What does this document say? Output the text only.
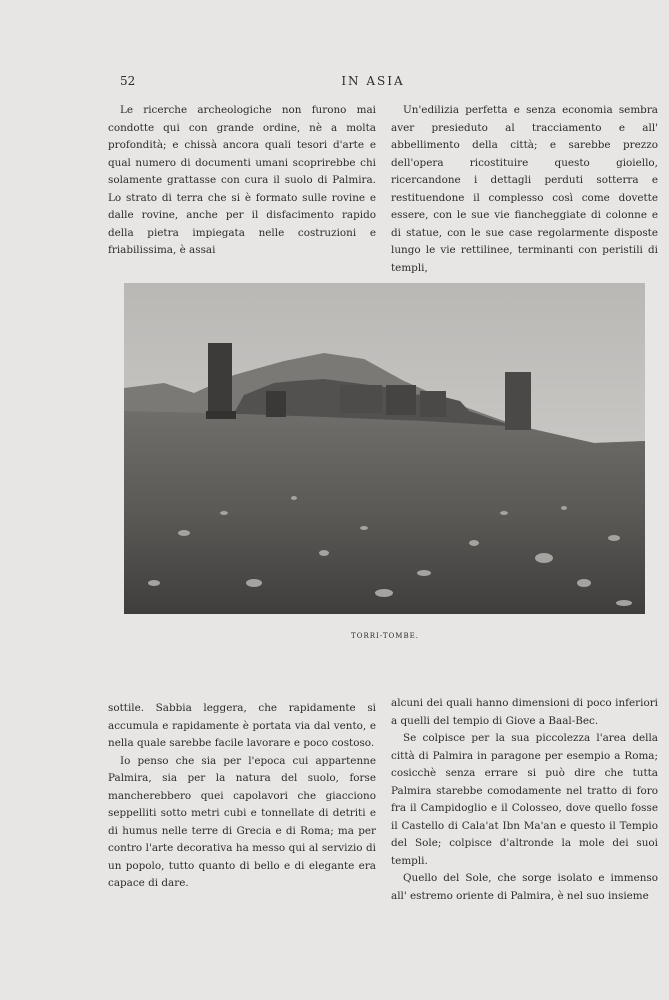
52	IN ASIA

Le ricerche archeologiche non furono mai condotte qui con grande ordine, nè a molta profondità; e chissà ancora quali tesori d'arte e qual numero di documenti umani scoprirebbe chi solamente grattasse con cura il suolo di Palmira. Lo strato di terra che si è formato sulle rovine e dalle rovine, anche per il disfacimento rapido della pietra impiegata nelle costruzioni e friabilissima, è assai

Un'edilizia perfetta e senza economia sembra aver presieduto al tracciamento e all' abbellimento della città; e sarebbe prezzo dell'opera ricostituire questo gioiello, ricercandone i dettagli perduti sotterra e restituendone il complesso così come dovette essere, con le sue vie fiancheggiate di colonne e di statue, con le sue case regolarmente disposte lungo le vie rettilinee, terminanti con peristili di templi,

TORRI-TOMBE.

sottile. Sabbia leggera, che rapidamente si accumula e rapidamente è portata via dal vento, e nella quale sarebbe facile lavorare e poco costoso.

Io penso che sia per l'epoca cui appartenne Palmira, sia per la natura del suolo, forse mancherebbero quei capolavori che giacciono seppelliti sotto metri cubi e tonnellate di detriti e di humus nelle terre di Grecia e di Roma; ma per contro l'arte decorativa ha messo qui al servizio di un popolo, tutto quanto di bello e di elegante era capace di dare.

alcuni dei quali hanno dimensioni di poco inferiori a quelli del tempio di Giove a Baal-Bec.

Se colpisce per la sua piccolezza l'area della città di Palmira in paragone per esempio a Roma; cosicchè senza errare si può dire che tutta Palmira starebbe comodamente nel tratto di foro fra il Campidoglio e il Colosseo, dove quello fosse il Castello di Cala'at Ibn Ma'an e questo il Tempio del Sole; colpisce d'altronde la mole dei suoi templi.

Quello del Sole, che sorge isolato e immenso all' estremo oriente di Palmira, è nel suo insieme
